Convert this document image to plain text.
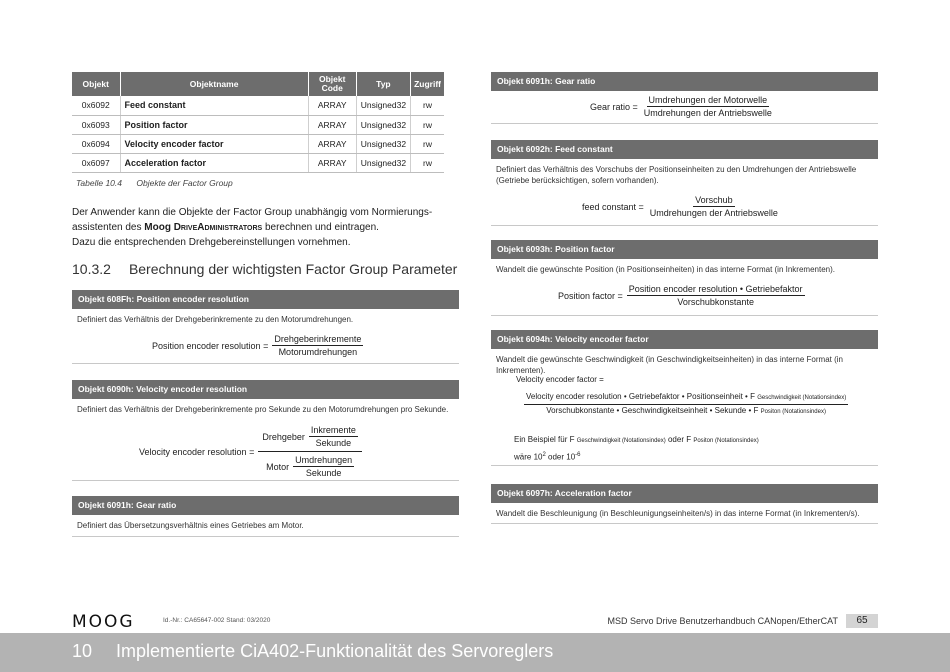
Objekt	Objektname	Objekt Code	Typ	Zugriff
0x6092	Feed constant	ARRAY	Unsigned32	rw
0x6093	Position factor	ARRAY	Unsigned32	rw
0x6094	Velocity encoder factor	ARRAY	Unsigned32	rw
0x6097	Acceleration factor	ARRAY	Unsigned32	rw
Tabelle 10.4 Objekte der Factor Group
Der Anwender kann die Objekte der Factor Group unabhängig vom Normierungs-
assistenten des Moog DriveAdministrators berechnen und eintragen.
Dazu die entsprechenden Drehgebereinstellungen vornehmen.
10.3.2 Berechnung der wichtigsten Factor Group Parameter
Objekt 608Fh: Position encoder resolution
Definiert das Verhältnis der Drehgeberinkremente zu den Motorumdrehungen.
Position encoder resolution = $\frac{\text{Drehgeberinkremente}}{\text{Motorumdrehungen}}$
Objekt 6090h: Velocity encoder resolution
Definiert das Verhältnis der Drehgeberinkremente pro Sekunde zu den Motorumdrehungen pro Sekunde.
Velocity encoder resolution =
Drehgeber $\frac{\text{Inkremente}}{\text{Sekunde}}$
Motor $\frac{\text{Umdrehungen}}{\text{Sekunde}}$
Objekt 6091h: Gear ratio
Definiert das Übersetzungsverhältnis eines Getriebes am Motor.
Objekt 6091h: Gear ratio
Gear ratio = $\frac{\text{Umdrehungen der Motorwelle}}{\text{Umdrehungen der Antriebswelle}}$
Objekt 6092h: Feed constant
Definiert das Verhältnis des Vorschubs der Positionseinheiten zu den Umdrehungen der Antriebswelle
(Getriebe berücksichtigen, sofern vorhanden).
feed constant = $\frac{\text{Vorschub}}{\text{Umdrehungen der Antriebswelle}}$
Objekt 6093h: Position factor
Wandelt die gewünschte Position (in Positionseinheiten) in das interne Format (in Inkrementen).
Position factor = $\frac{\text{Position encoder resolution • Getriebefaktor}}{\text{Vorschubkonstante}}$
Objekt 6094h: Velocity encoder factor
Wandelt die gewünschte Geschwindigkeit (in Geschwindigkeitseinheiten) in das interne Format (in Inkrementen).
Velocity encoder factor =
Velocity encoder resolution • Getriebefaktor • Positionseinheit • F Geschwindigkeit (Notationsindex)
Vorschubkonstante • Geschwindigkeitseinheit • Sekunde • F Positon (Notationsindex)
Ein Beispiel für F Geschwindigkeit (Notationsindex) oder F Positon (Notationsindex)
wäre $10^2$ oder $10^{-6}$
Objekt 6097h: Acceleration factor
Wandelt die Beschleunigung (in Beschleunigungseinheiten/s) in das interne Format (in Inkrementen/s).
MOOG	Id.-Nr.: CA65647-002 Stand: 03/2020	MSD Servo Drive Benutzerhandbuch CANopen/EtherCAT	65
10 Implementierte CiA402-Funktionalität des Servoreglers
